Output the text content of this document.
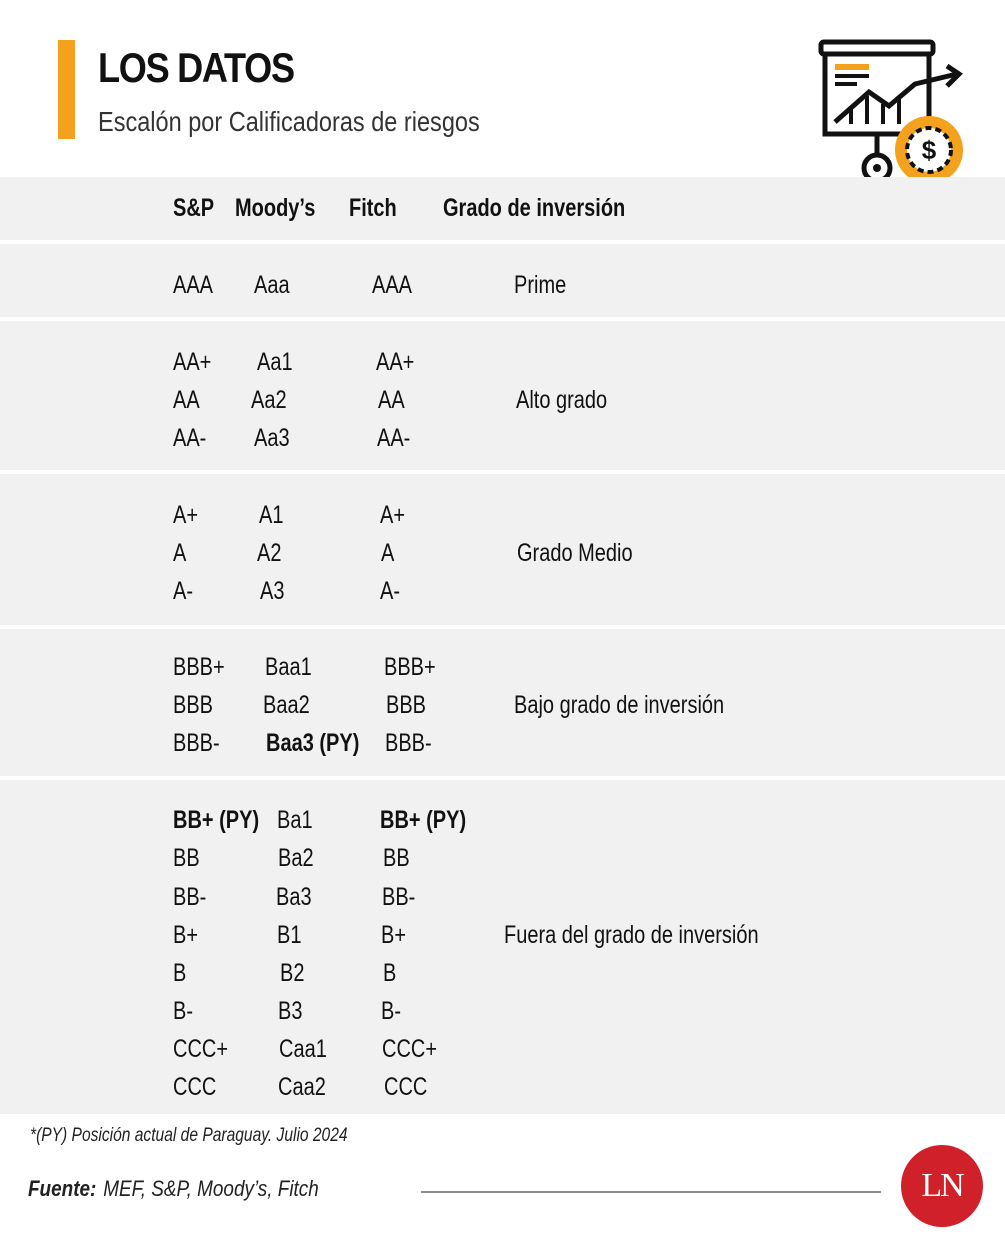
LOS DATOS
Escalón por Calificadoras de riesgos
$
S&P Moody’s Fitch Grado de inversión
AAA Aaa	AAA	Prime
AA+ Aa1	AA+
AA Aa2	AA
AA- Aa3	AA-
Alto grado
A+ A1	A+
A	A2	A
A-	A3	A-
Grado Medio
BBB+ Baa1	BBB+
BBB Baa2	BBB
BBB- Baa3 (PY) BBB-
Bajo grado de inversión
BB+ (PY) Ba1	BB+ (PY)
BB	Ba2	BB
BB-	Ba3	BB-
B+	B1	B+
B	B2	B
B-	B3	B-
CCC+ Caa1 CCC+
CCC Caa2 CCC
Fuera del grado de inversión
*(PY) Posición actual de Paraguay. Julio 2024
Fuente: MEF, S&P, Moody’s, Fitch	LN
